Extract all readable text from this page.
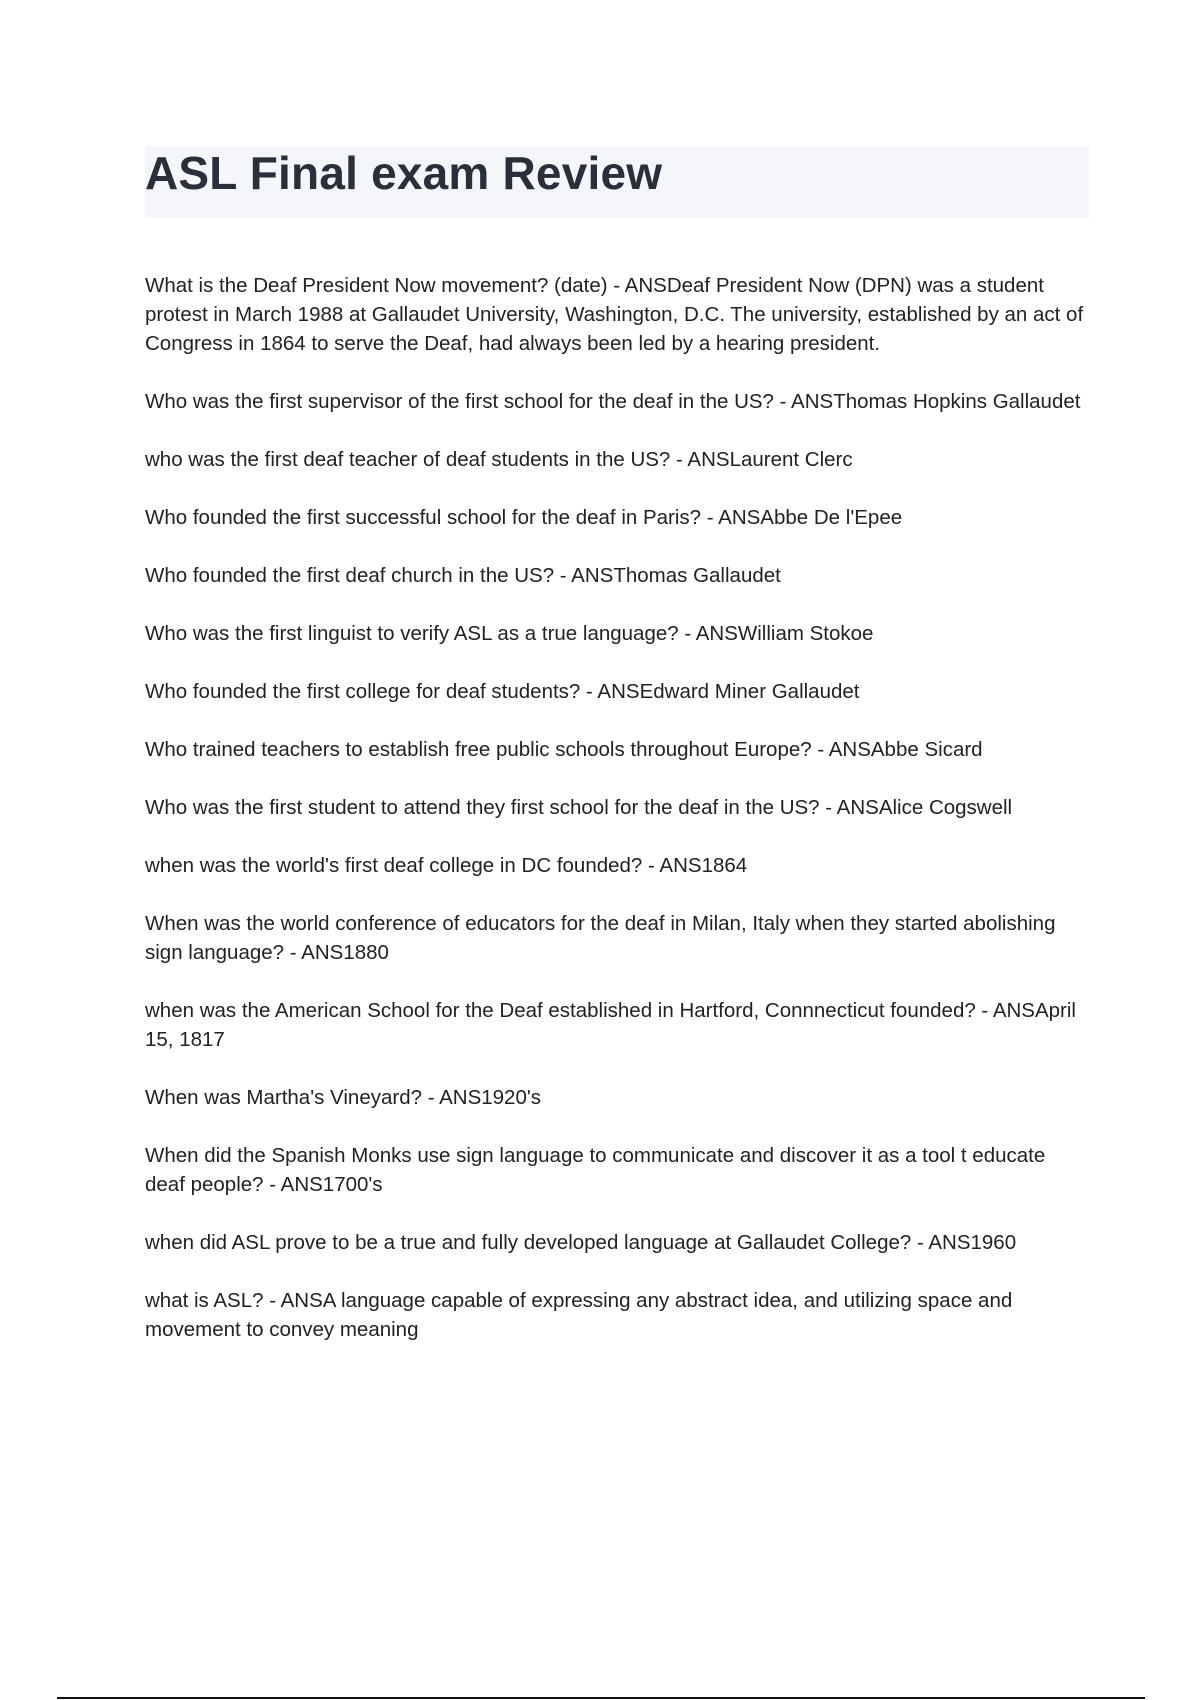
ASL Final exam Review
What is the Deaf President Now movement? (date) - ANSDeaf President Now (DPN) was a student protest in March 1988 at Gallaudet University, Washington, D.C. The university, established by an act of Congress in 1864 to serve the Deaf, had always been led by a hearing president.
Who was the first supervisor of the first school for the deaf in the US? - ANSThomas Hopkins Gallaudet
who was the first deaf teacher of deaf students in the US? - ANSLaurent Clerc
Who founded the first successful school for the deaf in Paris? - ANSAbbe De l'Epee
Who founded the first deaf church in the US? - ANSThomas Gallaudet
Who was the first linguist to verify ASL as a true language? - ANSWilliam Stokoe
Who founded the first college for deaf students? - ANSEdward Miner Gallaudet
Who trained teachers to establish free public schools throughout Europe? - ANSAbbe Sicard
Who was the first student to attend they first school for the deaf in the US? - ANSAlice Cogswell
when was the world's first deaf college in DC founded? - ANS1864
When was the world conference of educators for the deaf in Milan, Italy when they started abolishing sign language? - ANS1880
when was the American School for the Deaf established in Hartford, Connnecticut founded? - ANSApril 15, 1817
When was Martha's Vineyard? - ANS1920's
When did the Spanish Monks use sign language to communicate and discover it as a tool t educate deaf people? - ANS1700's
when did ASL prove to be a true and fully developed language at Gallaudet College? - ANS1960
what is ASL? - ANSA language capable of expressing any abstract idea, and utilizing space and movement to convey meaning
